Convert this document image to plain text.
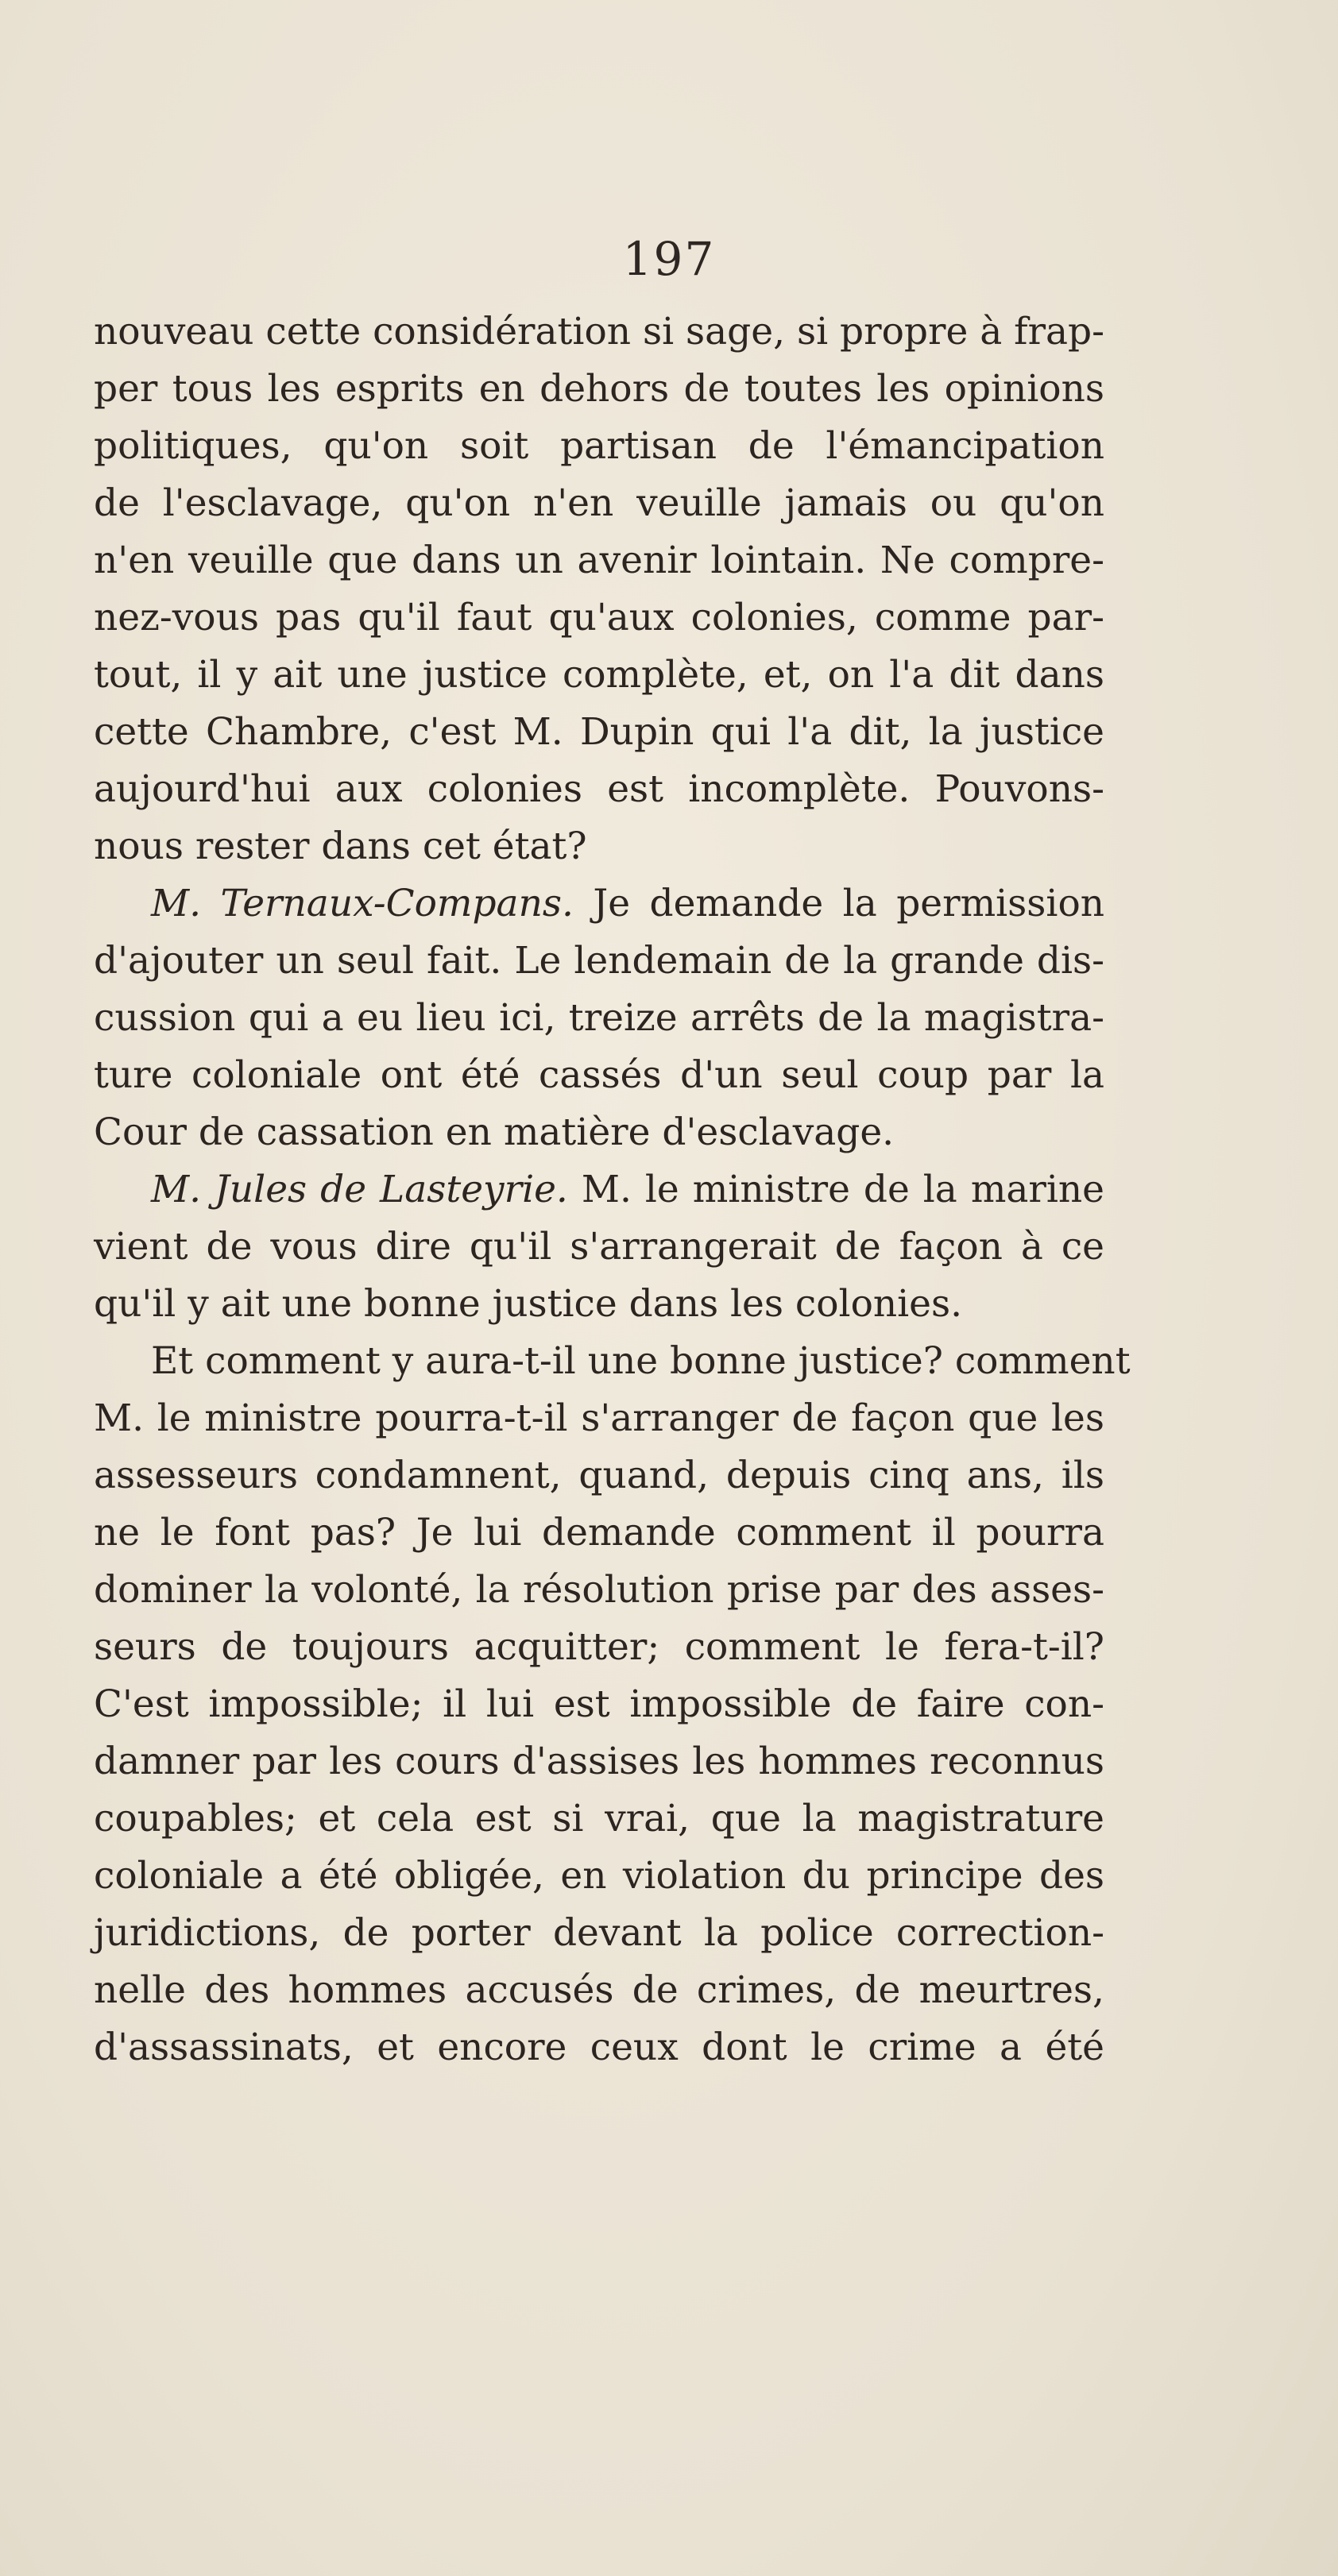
197
nouveau cette considération si sage, si propre à frap-
per tous les esprits en dehors de toutes les opinions
politiques, qu'on soit partisan de l'émancipation
de l'esclavage, qu'on n'en veuille jamais ou qu'on
n'en veuille que dans un avenir lointain. Ne compre-
nez-vous pas qu'il faut qu'aux colonies, comme par-
tout, il y ait une justice complète, et, on l'a dit dans
cette Chambre, c'est M. Dupin qui l'a dit, la justice
aujourd'hui aux colonies est incomplète. Pouvons-
nous rester dans cet état?
M. Ternaux-Compans. Je demande la permission
d'ajouter un seul fait. Le lendemain de la grande dis-
cussion qui a eu lieu ici, treize arrêts de la magistra-
ture coloniale ont été cassés d'un seul coup par la
Cour de cassation en matière d'esclavage.
M. Jules de Lasteyrie. M. le ministre de la marine
vient de vous dire qu'il s'arrangerait de façon à ce
qu'il y ait une bonne justice dans les colonies.
Et comment y aura-t-il une bonne justice? comment
M. le ministre pourra-t-il s'arranger de façon que les
assesseurs condamnent, quand, depuis cinq ans, ils
ne le font pas? Je lui demande comment il pourra
dominer la volonté, la résolution prise par des asses-
seurs de toujours acquitter; comment le fera-t-il?
C'est impossible; il lui est impossible de faire con-
damner par les cours d'assises les hommes reconnus
coupables; et cela est si vrai, que la magistrature
coloniale a été obligée, en violation du principe des
juridictions, de porter devant la police correction-
nelle des hommes accusés de crimes, de meurtres,
d'assassinats, et encore ceux dont le crime a été
